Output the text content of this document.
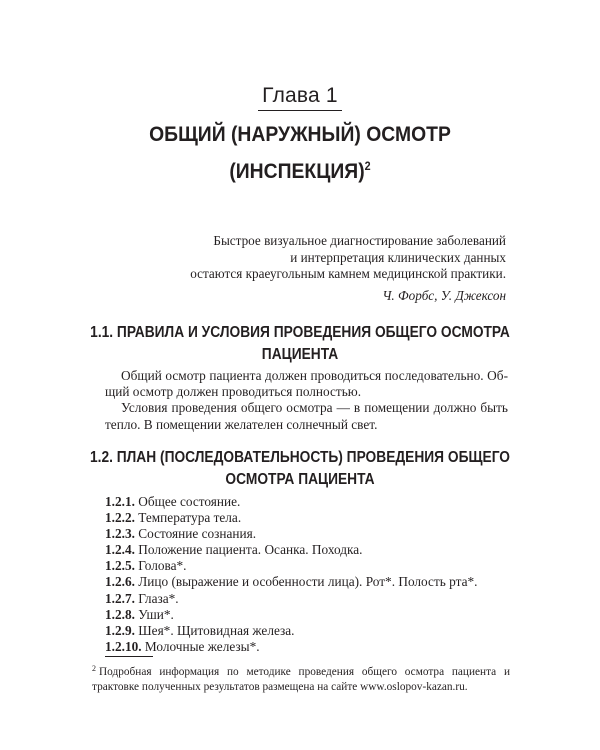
Глава 1
ОБЩИЙ (НАРУЖНЫЙ) ОСМОТР
(ИНСПЕКЦИЯ)$^2$
Быстрое визуальное диагностирование заболеваний
и интерпретация клинических данных
остаются краеугольным камнем медицинской практики.
Ч. Форбс, У. Джексон
1.1. ПРАВИЛА И УСЛОВИЯ ПРОВЕДЕНИЯ ОБЩЕГО ОСМОТРА
ПАЦИЕНТА

Общий осмотр пациента должен проводиться последовательно. Общий осмотр должен проводиться полностью.

Условия проведения общего осмотра — в помещении должно быть тепло. В помещении желателен солнечный свет.

1.2. ПЛАН (ПОСЛЕДОВАТЕЛЬНОСТЬ) ПРОВЕДЕНИЯ ОБЩЕГО
ОСМОТРА ПАЦИЕНТА
1.2.1. Общее состояние.
1.2.2. Температура тела.
1.2.3. Состояние сознания.
1.2.4. Положение пациента. Осанка. Походка.
1.2.5. Голова*.
1.2.6. Лицо (выражение и особенности лица). Рот*. Полость рта*.
1.2.7. Глаза*.
1.2.8. Уши*.
1.2.9. Шея*. Щитовидная железа.
1.2.10. Молочные железы*.
$^2$ Подробная информация по методике проведения общего осмотра пациента и трактовке полученных результатов размещена на сайте www.oslopov-kazan.ru.
